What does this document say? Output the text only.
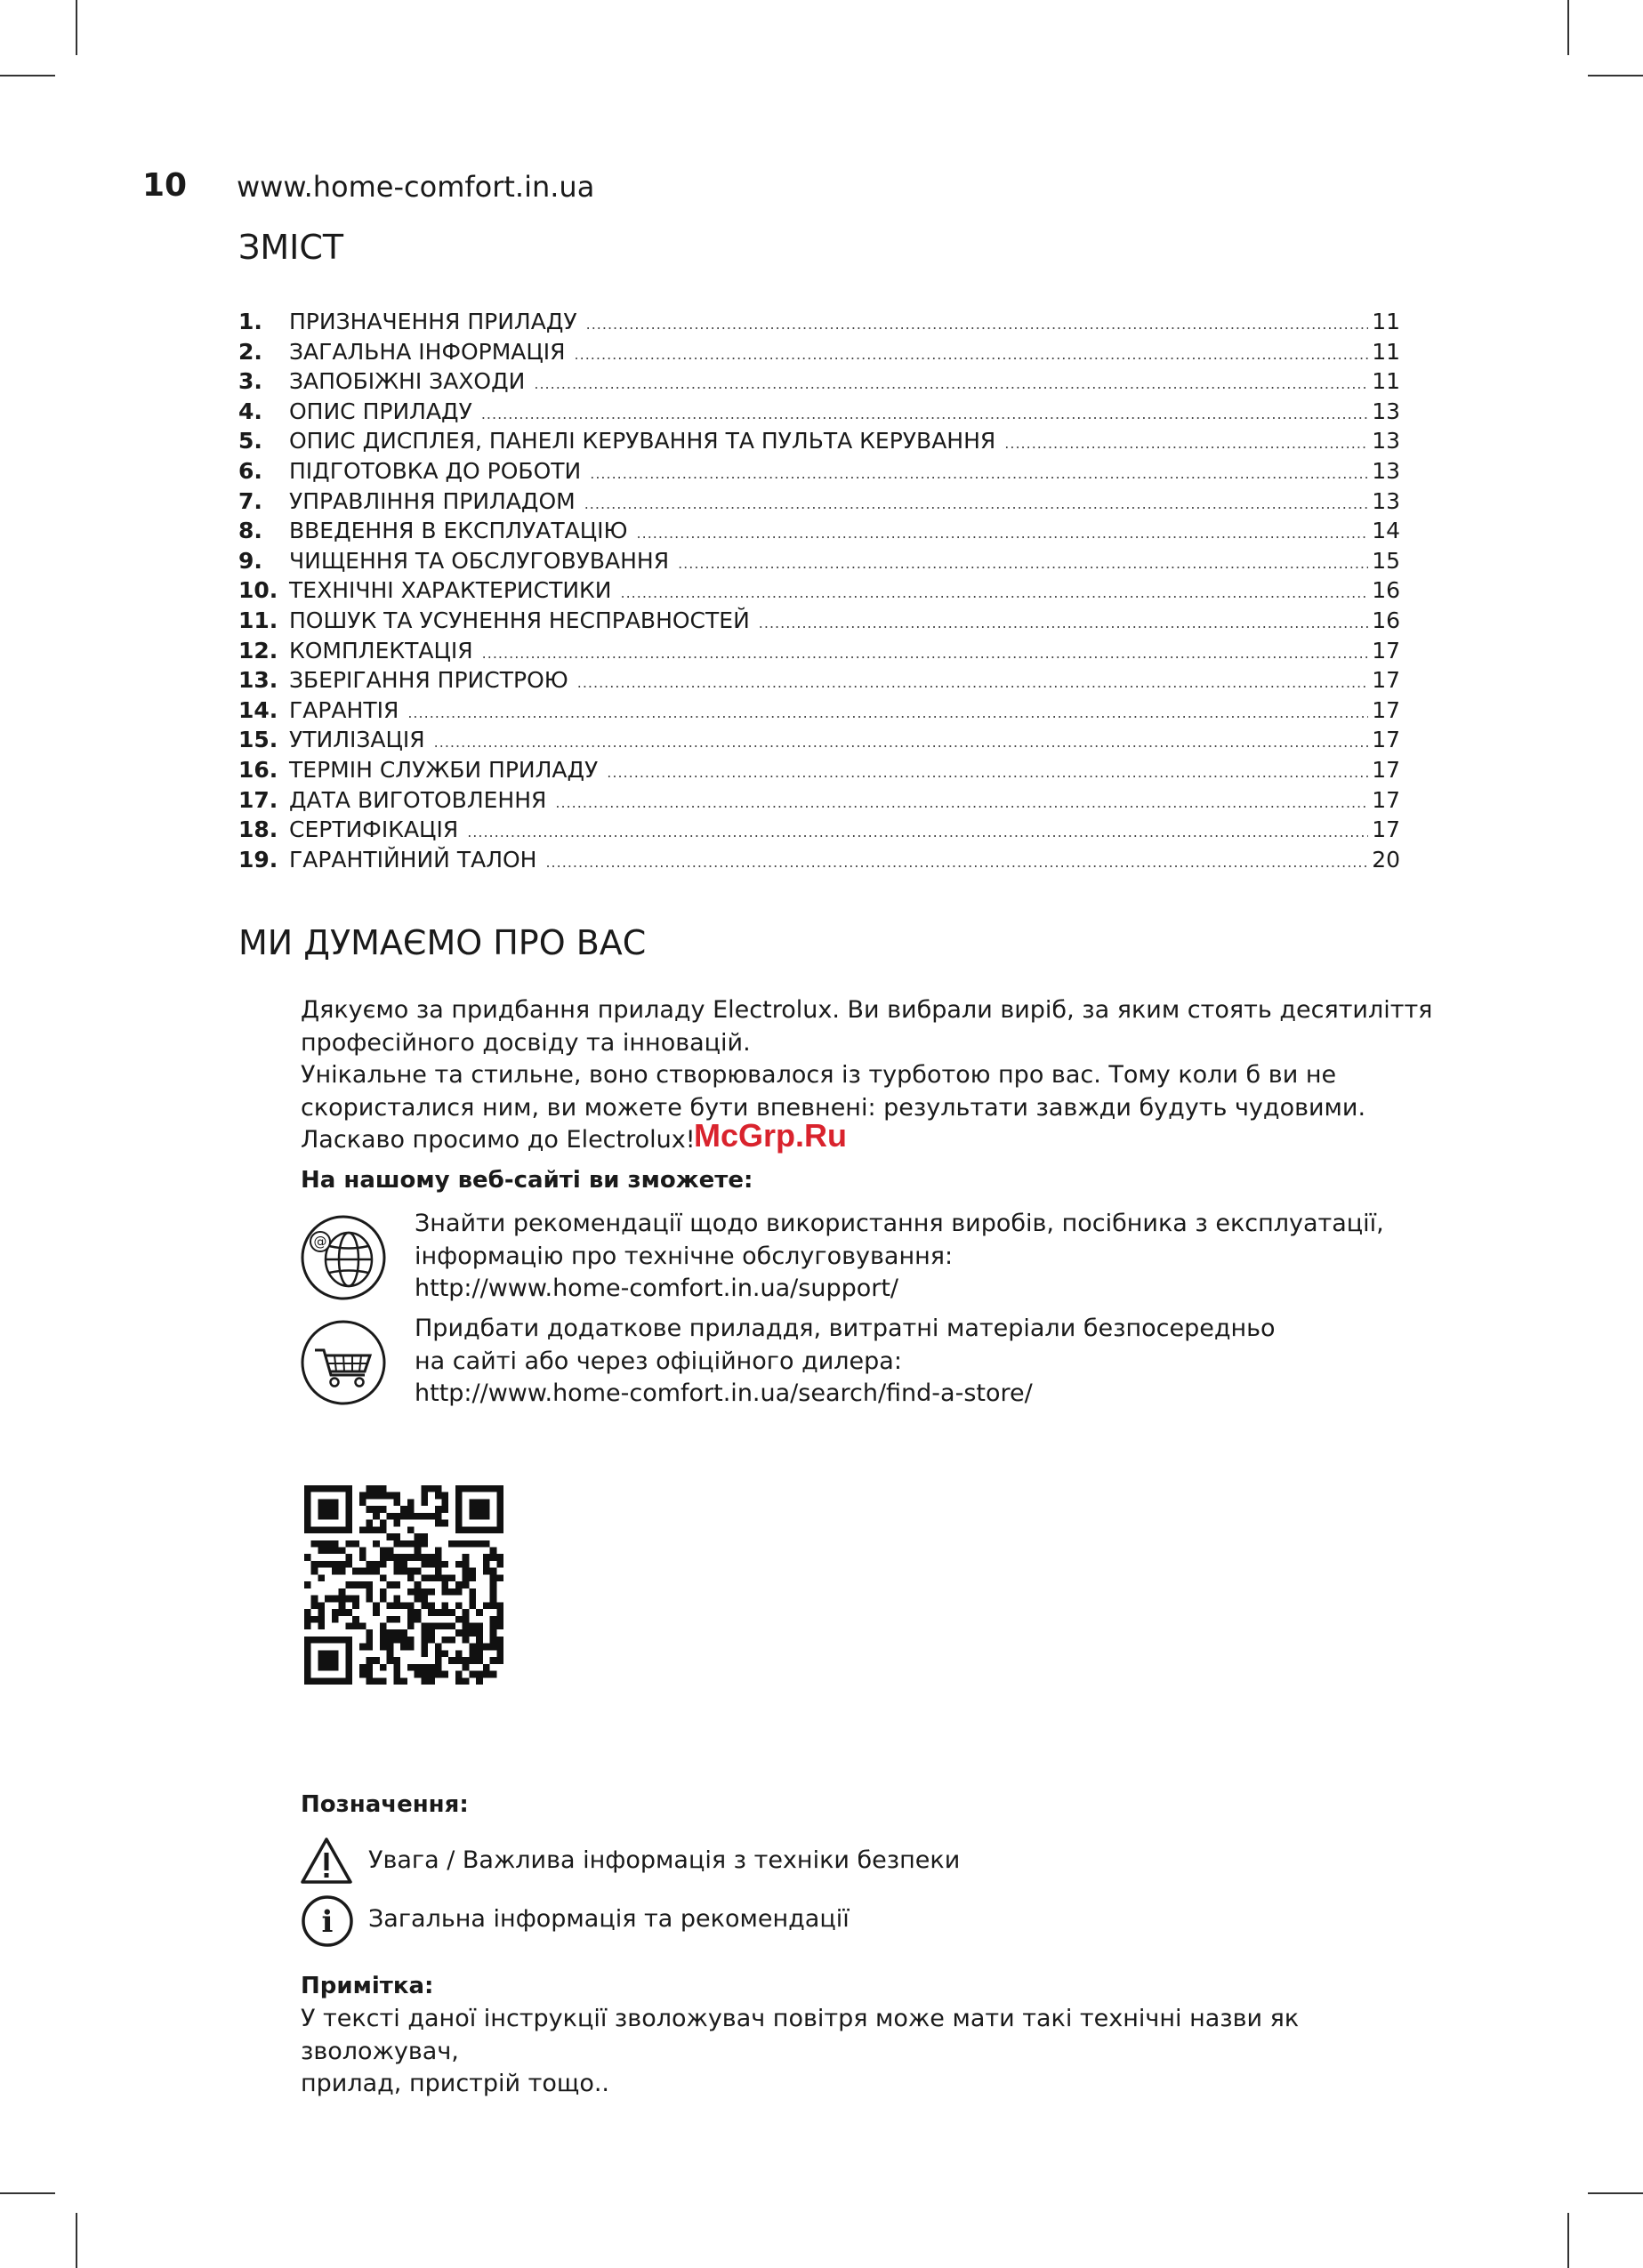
10 www.home-comfort.in.ua
ЗМІСТ
1.	ПРИЗНАЧЕННЯ ПРИЛАДУ .....	11
2.	ЗАГАЛЬНА ІНФОРМАЦІЯ .....	11
3.	ЗАПОБІЖНІ ЗАХОДИ .....	11
4.	ОПИС ПРИЛАДУ .....	13
5.	ОПИС ДИСПЛЕЯ, ПАНЕЛІ КЕРУВАННЯ ТА ПУЛЬТА КЕРУВАННЯ .....	13
6.	ПІДГОТОВКА ДО РОБОТИ .....	13
7.	УПРАВЛІННЯ ПРИЛАДОМ .....	13
8.	ВВЕДЕННЯ В ЕКСПЛУАТАЦІЮ .....	14
9.	ЧИЩЕННЯ ТА ОБСЛУГОВУВАННЯ .....	15
10. ТЕХНІЧНІ ХАРАКТЕРИСТИКИ .....	16
11. ПОШУК ТА УСУНЕННЯ НЕСПРАВНОСТЕЙ .....	16
12. КОМПЛЕКТАЦІЯ .....	17
13. ЗБЕРІГАННЯ ПРИСТРОЮ .....	17
14. ГАРАНТІЯ .....	17
15. УТИЛІЗАЦІЯ .....	17
16. ТЕРМІН СЛУЖБИ ПРИЛАДУ .....	17
17. ДАТА ВИГОТОВЛЕННЯ .....	17
18. СЕРТИФІКАЦІЯ .....	17
19. ГАРАНТІЙНИЙ ТАЛОН .....	20
МИ ДУМАЄМО ПРО ВАС

Дякуємо за придбання приладу Electrolux. Ви вибрали виріб, за яким стоять десятиліття

професійного досвіду та інновацій.

Унікальне та стильне, воно створювалося із турботою про вас. Тому коли б ви не

скористалися ним, ви можете бути впевнені: результати завжди будуть чудовими.

Ласкаво просимо до Electrolux!

McGrp.Ru
На нашому веб-сайті ви зможете:
@

Знайти рекомендації щодо використання виробів, посібника з експлуатації,

інформацію про технічне обслуговування:

http://www.home-comfort.in.ua/support/

Придбати додаткове приладдя, витратні матеріали безпосередньо

на сайті або через офіційного дилера:

http://www.home-comfort.in.ua/search/find-a-store/

Позначення:
Увага / Важлива інформація з техніки безпеки
i Загальна інформація та рекомендації
Примітка:

У тексті даної інструкції зволожувач повітря може мати такі технічні назви як зволожувач,

прилад, пристрій тощо..
